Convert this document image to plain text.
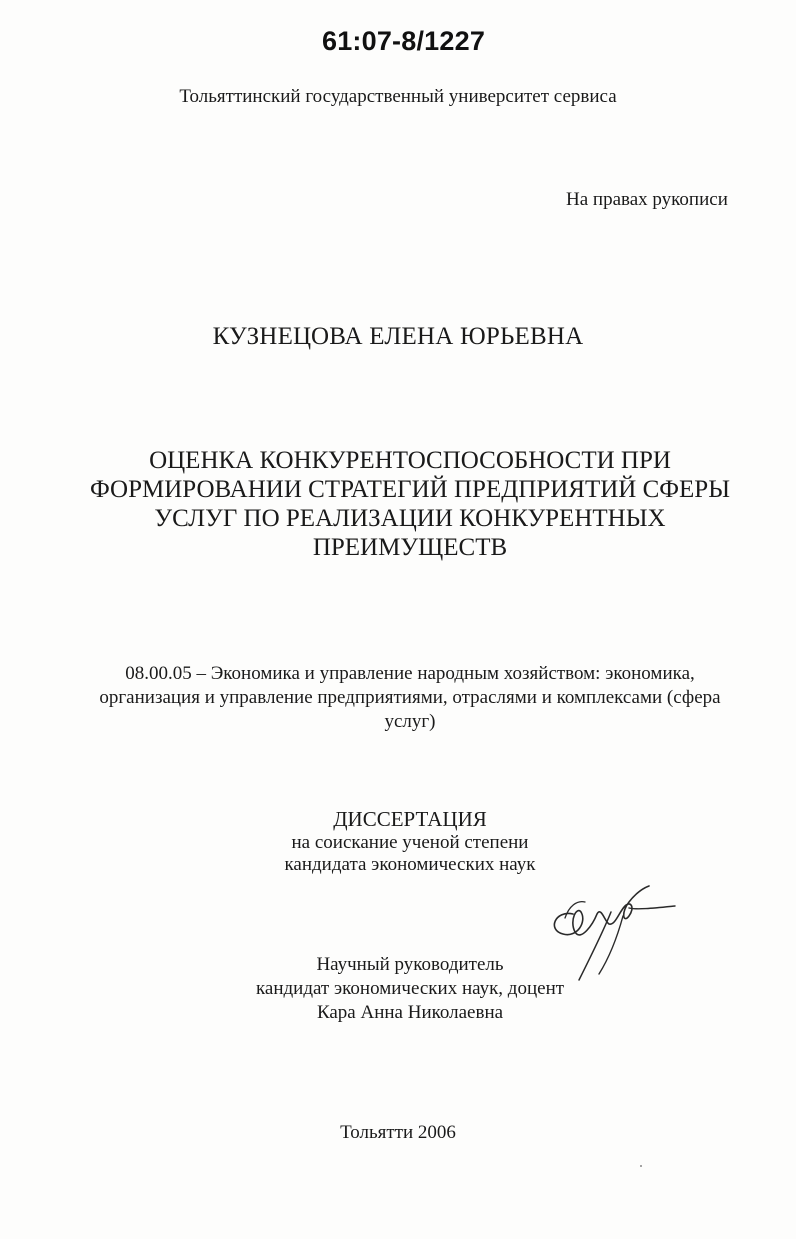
61:07-8/1227
Тольяттинский государственный университет сервиса
На правах рукописи
КУЗНЕЦОВА ЕЛЕНА ЮРЬЕВНА
ОЦЕНКА КОНКУРЕНТОСПОСОБНОСТИ ПРИ
ФОРМИРОВАНИИ СТРАТЕГИЙ ПРЕДПРИЯТИЙ СФЕРЫ
УСЛУГ ПО РЕАЛИЗАЦИИ КОНКУРЕНТНЫХ
ПРЕИМУЩЕСТВ
08.00.05 – Экономика и управление народным хозяйством: экономика,
организация и управление предприятиями, отраслями и комплексами (сфера
услуг)
ДИССЕРТАЦИЯ
на соискание ученой степени
кандидата экономических наук
Научный руководитель
кандидат экономических наук, доцент
Кара Анна Николаевна
Тольятти 2006
